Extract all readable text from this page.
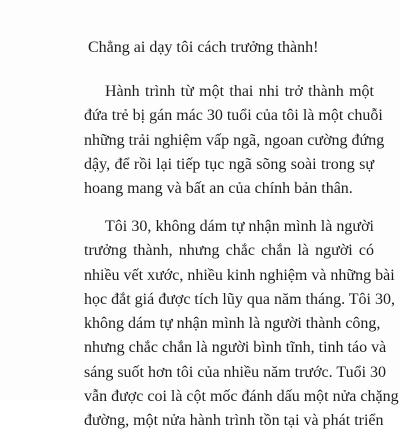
Chẳng ai dạy tôi cách trưởng thành!
Hành trình từ một thai nhi trở thành một
đứa trẻ bị gán mác 30 tuổi của tôi là một chuỗi
những trải nghiệm vấp ngã, ngoan cường đứng
dậy, để rồi lại tiếp tục ngã sõng soài trong sự
hoang mang và bất an của chính bản thân.
Tôi 30, không dám tự nhận mình là người
trưởng thành, nhưng chắc chắn là người có
nhiều vết xước, nhiều kinh nghiệm và những bài
học đắt giá được tích lũy qua năm tháng. Tôi 30,
không dám tự nhận mình là người thành công,
nhưng chắc chắn là người bình tĩnh, tinh táo và
sáng suốt hơn tôi của nhiều năm trước. Tuổi 30
vẫn được coi là cột mốc đánh dấu một nửa chặng
đường, một nửa hành trình tồn tại và phát triển
